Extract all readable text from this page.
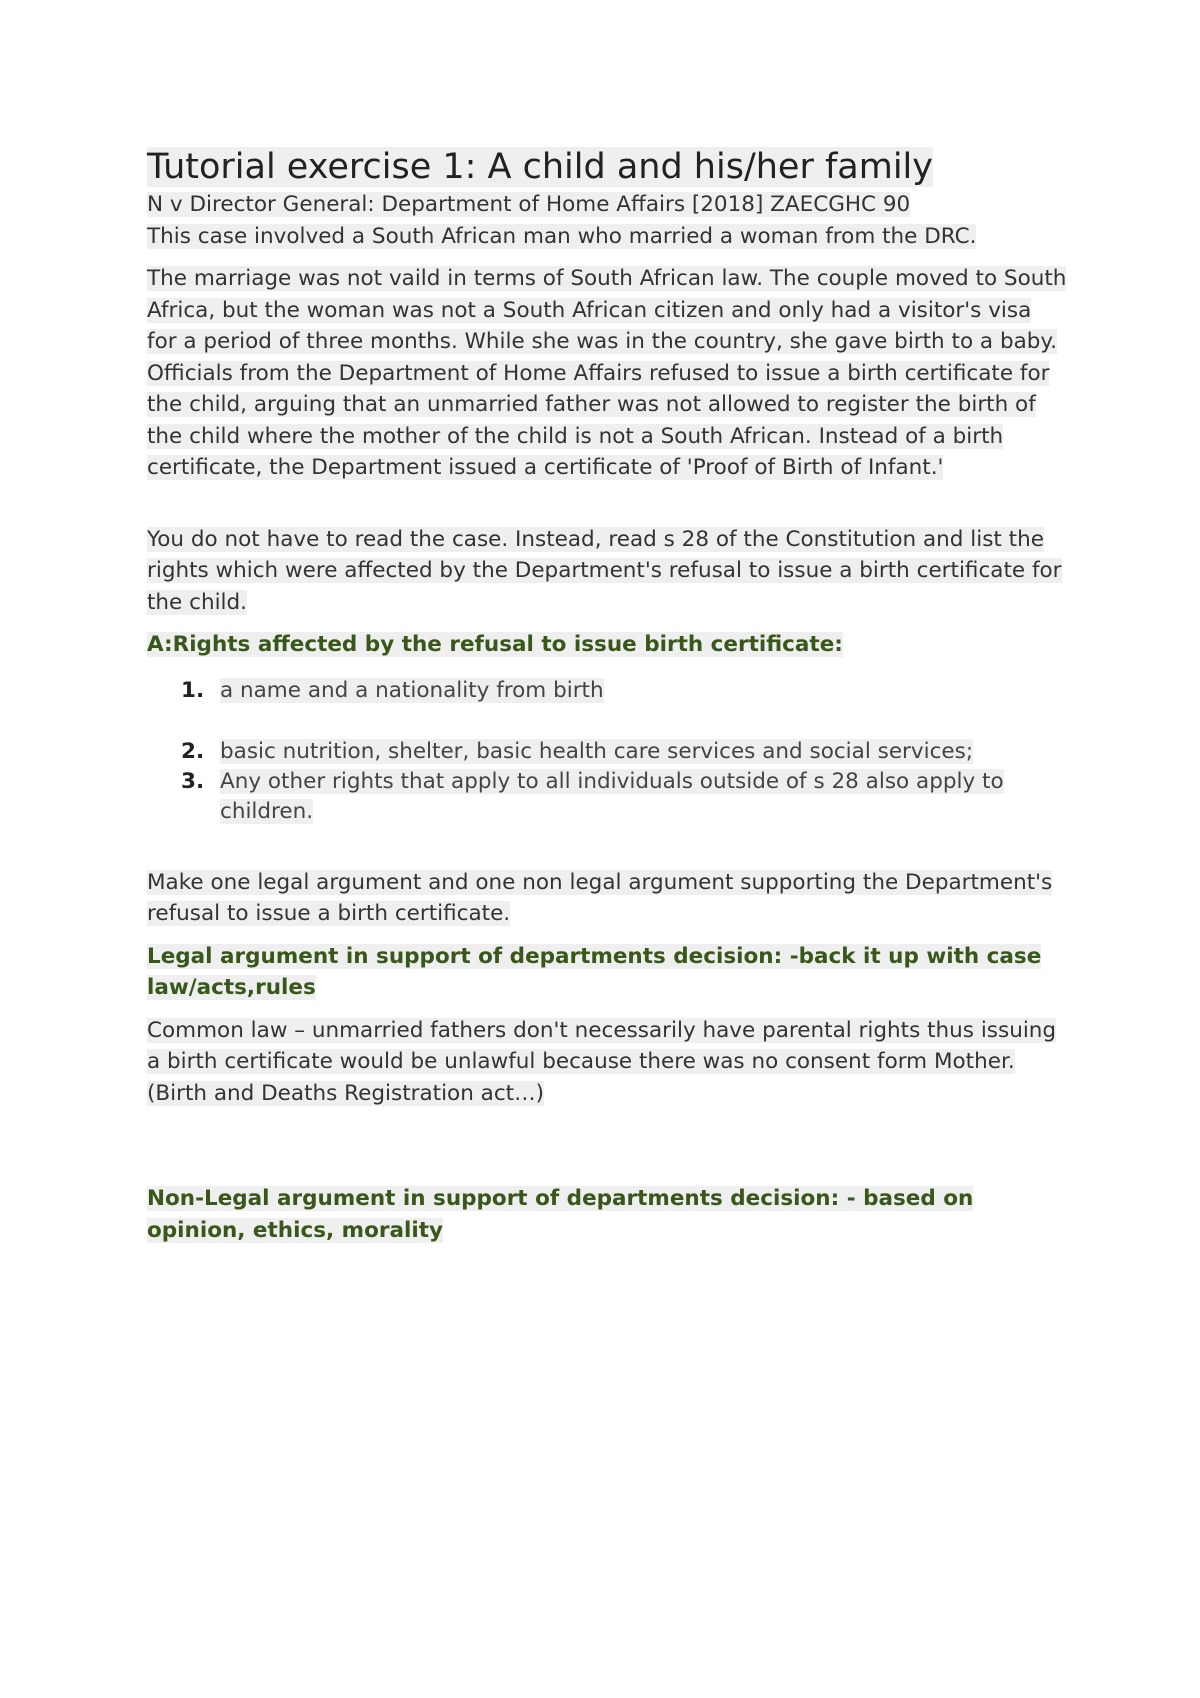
Tutorial exercise 1: A child and his/her family

N v Director General: Department of Home Affairs [2018] ZAECGHC 90

This case involved a South African man who married a woman from the DRC.

The marriage was not vaild in terms of South African law. The couple moved to South Africa, but the woman was not a South African citizen and only had a visitor's visa for a period of three months. While she was in the country, she gave birth to a baby.

Officials from the Department of Home Affairs refused to issue a birth certificate for the child, arguing that an unmarried father was not allowed to register the birth of the child where the mother of the child is not a South African. Instead of a birth certificate, the Department issued a certificate of 'Proof of Birth of Infant.'

You do not have to read the case. Instead, read s 28 of the Constitution and list the rights which were affected by the Department's refusal to issue a birth certificate for the child.

A:Rights affected by the refusal to issue birth certificate:

1. a name and a nationality from birth
2. basic nutrition, shelter, basic health care services and social services;
3. Any other rights that apply to all individuals outside of s 28 also apply to children.

Make one legal argument and one non legal argument supporting the Department's refusal to issue a birth certificate.

Legal argument in support of departments decision: -back it up with case law/acts,rules

Common law – unmarried fathers don't necessarily have parental rights thus issuing a birth certificate would be unlawful because there was no consent form Mother. (Birth and Deaths Registration act…)

Non-Legal argument in support of departments decision: - based on opinion, ethics, morality
